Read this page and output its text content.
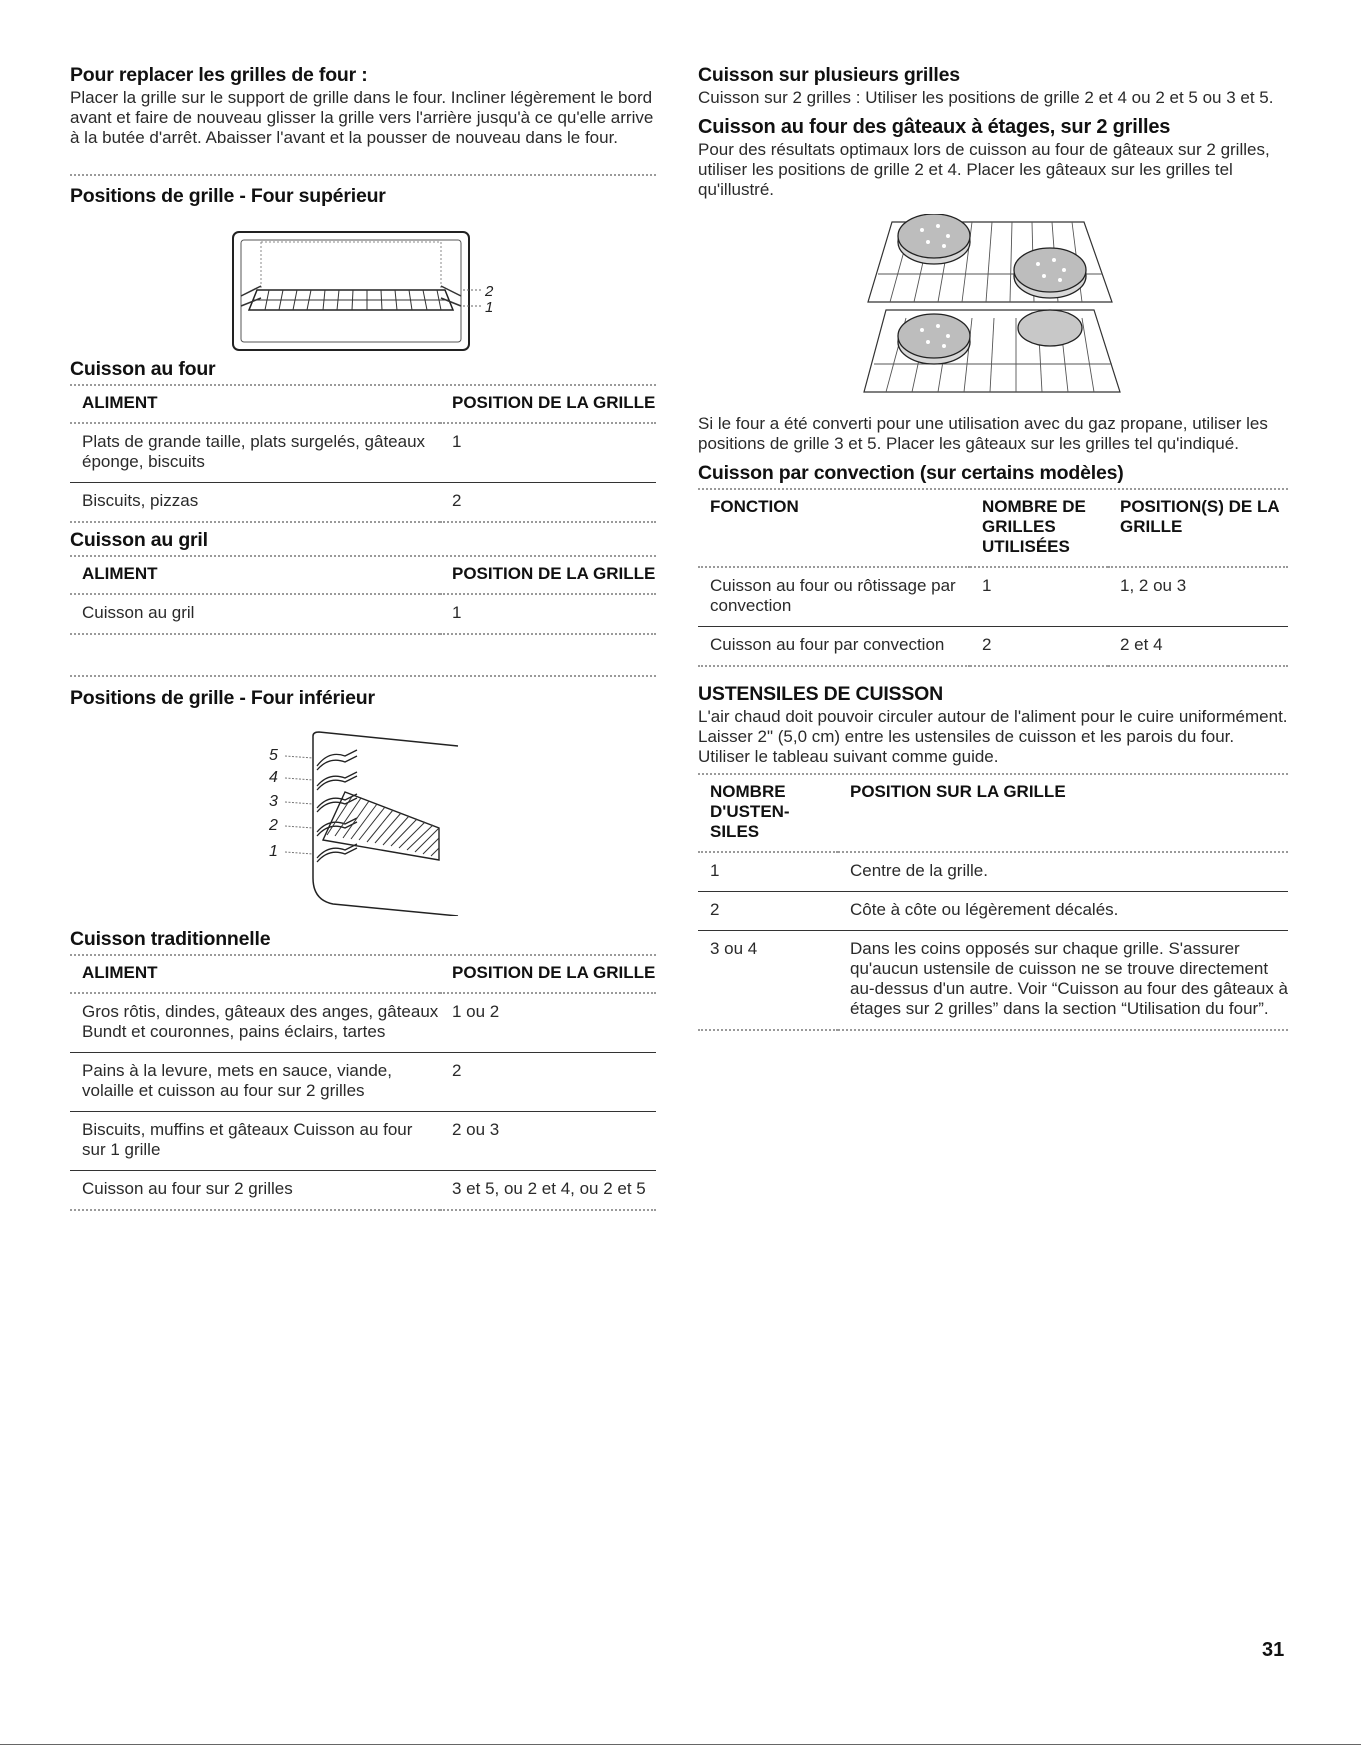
Pour replacer les grilles de four :

Placer la grille sur le support de grille dans le four. Incliner légèrement le bord avant et faire de nouveau glisser la grille vers l'arrière jusqu'à ce qu'elle arrive à la butée d'arrêt. Abaisser l'avant et la pousser de nouveau dans le four.

Positions de grille - Four supérieur
2
1
Cuisson au four
ALIMENT	POSITION DE LA GRILLE
Plats de grande taille, plats surgelés, gâteaux éponge, biscuits	1
Biscuits, pizzas	2
Cuisson au gril
ALIMENT	POSITION DE LA GRILLE
Cuisson au gril	1
Positions de grille - Four inférieur
5
4
3
2
1
Cuisson traditionnelle
ALIMENT	POSITION DE LA GRILLE
Gros rôtis, dindes, gâteaux des anges, gâteaux Bundt et couronnes, pains éclairs, tartes	1 ou 2
Pains à la levure, mets en sauce, viande, volaille et cuisson au four sur 2 grilles	2
Biscuits, muffins et gâteaux Cuisson au four sur 1 grille	2 ou 3
Cuisson au four sur 2 grilles	3 et 5, ou 2 et 4, ou 2 et 5
Cuisson sur plusieurs grilles

Cuisson sur 2 grilles : Utiliser les positions de grille 2 et 4 ou 2 et 5 ou 3 et 5.

Cuisson au four des gâteaux à étages, sur 2 grilles

Pour des résultats optimaux lors de cuisson au four de gâteaux sur 2 grilles, utiliser les positions de grille 2 et 4. Placer les gâteaux sur les grilles tel qu'illustré.

Si le four a été converti pour une utilisation avec du gaz propane, utiliser les positions de grille 3 et 5. Placer les gâteaux sur les grilles tel qu'indiqué.

Cuisson par convection (sur certains modèles)
FONCTION	NOMBRE DE GRILLES UTILISÉES	POSITION(S) DE LA GRILLE
Cuisson au four ou rôtissage par convection	1	1, 2 ou 3
Cuisson au four par convection	2	2 et 4
USTENSILES DE CUISSON

L'air chaud doit pouvoir circuler autour de l'aliment pour le cuire uniformément. Laisser 2" (5,0 cm) entre les ustensiles de cuisson et les parois du four. Utiliser le tableau suivant comme guide.

NOMBRE D'USTEN- SILES	POSITION SUR LA GRILLE
1	Centre de la grille.
2	Côte à côte ou légèrement décalés.
3 ou 4	Dans les coins opposés sur chaque grille. S'assurer qu'aucun ustensile de cuisson ne se trouve directement au-dessus d'un autre. Voir “Cuisson au four des gâteaux à étages sur 2 grilles” dans la section “Utilisation du four”.
31
